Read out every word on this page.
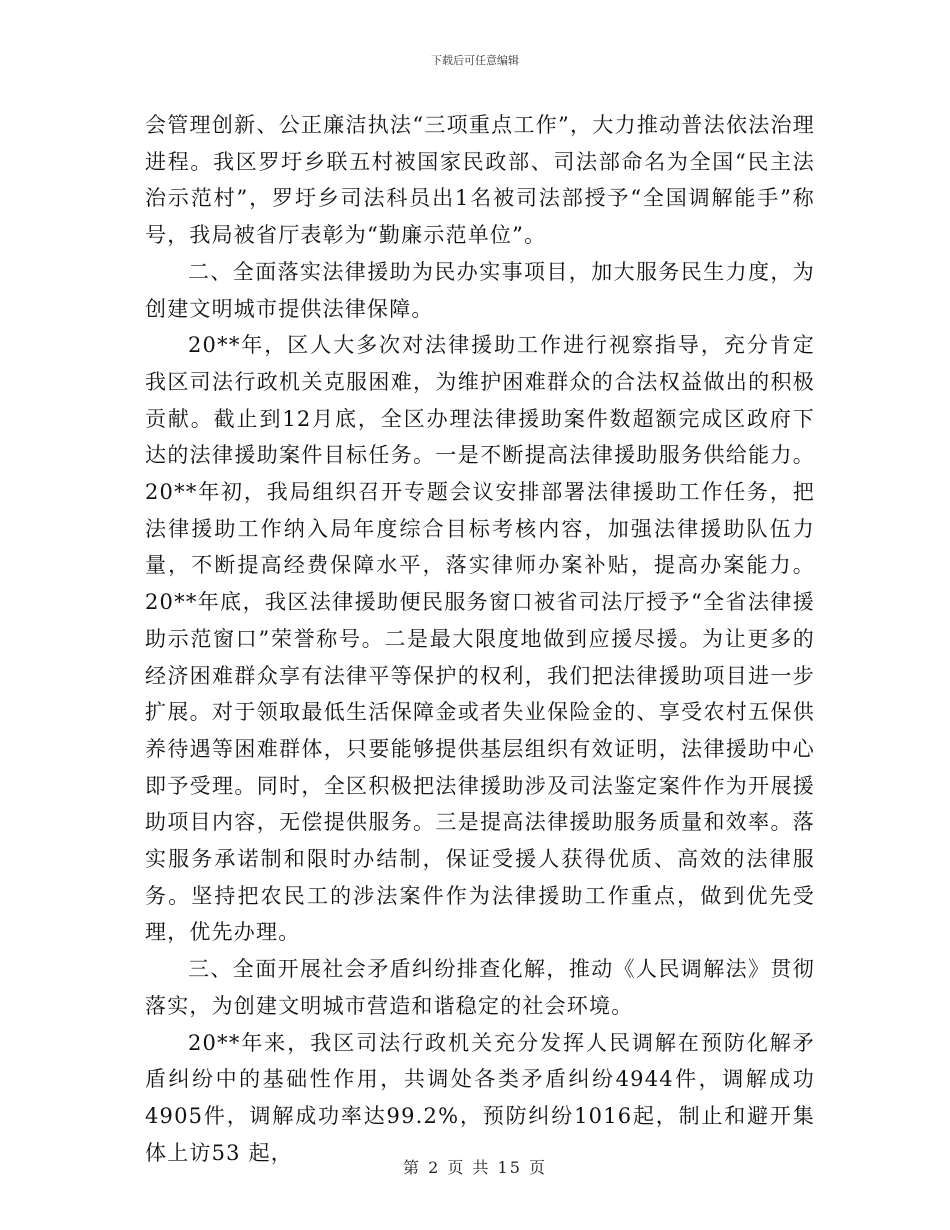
下载后可任意编辑

会管理创新、公正廉洁执法“三项重点工作”，大力推动普法依法治理进程。我区罗圩乡联五村被国家民政部、司法部命名为全国“民主法治示范村”，罗圩乡司法科员出1名被司法部授予“全国调解能手”称号，我局被省厅表彰为“勤廉示范单位”。

二、全面落实法律援助为民办实事项目，加大服务民生力度，为创建文明城市提供法律保障。

20**年，区人大多次对法律援助工作进行视察指导，充分肯定我区司法行政机关克服困难，为维护困难群众的合法权益做出的积极贡献。截止到12月底，全区办理法律援助案件数超额完成区政府下达的法律援助案件目标任务。一是不断提高法律援助服务供给能力。20**年初，我局组织召开专题会议安排部署法律援助工作任务，把法律援助工作纳入局年度综合目标考核内容，加强法律援助队伍力量，不断提高经费保障水平，落实律师办案补贴，提高办案能力。20**年底，我区法律援助便民服务窗口被省司法厅授予“全省法律援助示范窗口”荣誉称号。二是最大限度地做到应援尽援。为让更多的经济困难群众享有法律平等保护的权利，我们把法律援助项目进一步扩展。对于领取最低生活保障金或者失业保险金的、享受农村五保供养待遇等困难群体，只要能够提供基层组织有效证明，法律援助中心即予受理。同时，全区积极把法律援助涉及司法鉴定案件作为开展援助项目内容，无偿提供服务。三是提高法律援助服务质量和效率。落实服务承诺制和限时办结制，保证受援人获得优质、高效的法律服务。坚持把农民工的涉法案件作为法律援助工作重点，做到优先受理，优先办理。

三、全面开展社会矛盾纠纷排查化解，推动《人民调解法》贯彻落实，为创建文明城市营造和谐稳定的社会环境。

20**年来，我区司法行政机关充分发挥人民调解在预防化解矛盾纠纷中的基础性作用，共调处各类矛盾纠纷4944件，调解成功4905件，调解成功率达99.2%，预防纠纷1016起，制止和避开集体上访53 起，

第 2 页 共 15 页
